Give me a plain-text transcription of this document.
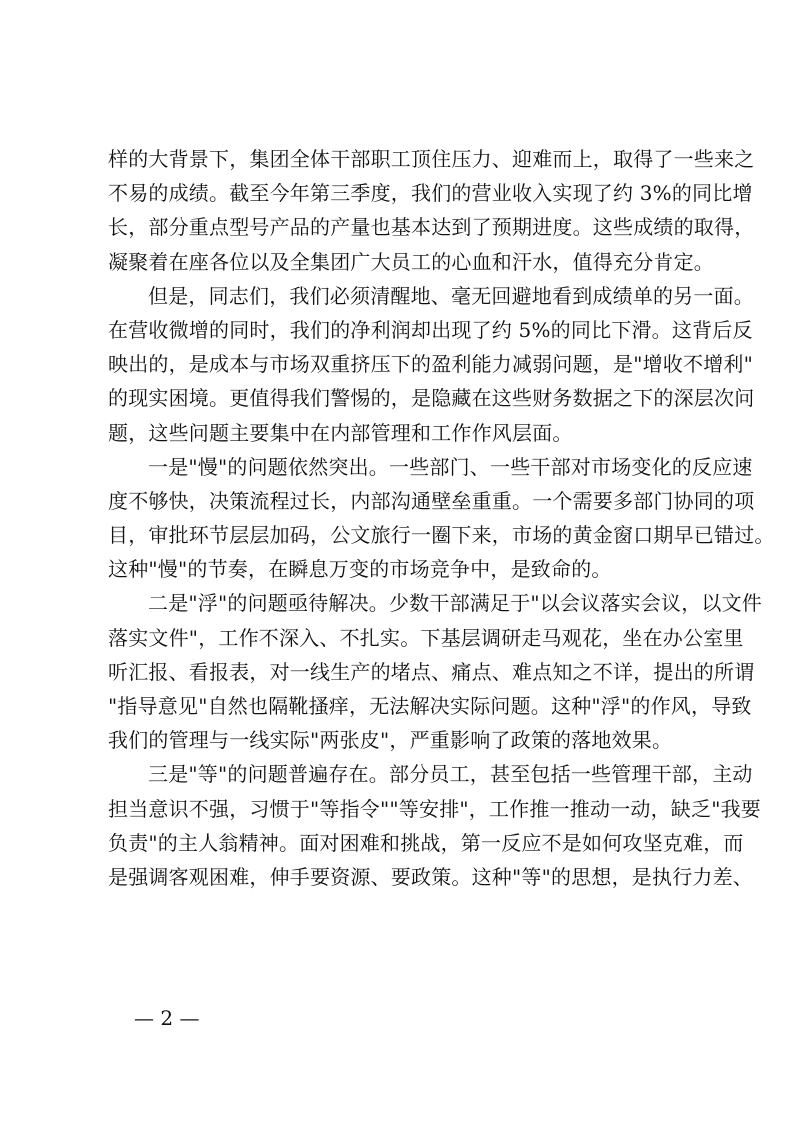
样的大背景下，集团全体干部职工顶住压力、迎难而上，取得了一些来之
不易的成绩。截至今年第三季度，我们的营业收入实现了约 3%的同比增
长，部分重点型号产品的产量也基本达到了预期进度。这些成绩的取得，
凝聚着在座各位以及全集团广大员工的心血和汗水，值得充分肯定。
但是，同志们，我们必须清醒地、毫无回避地看到成绩单的另一面。
在营收微增的同时，我们的净利润却出现了约 5%的同比下滑。这背后反
映出的，是成本与市场双重挤压下的盈利能力减弱问题，是"增收不增利"
的现实困境。更值得我们警惕的，是隐藏在这些财务数据之下的深层次问
题，这些问题主要集中在内部管理和工作作风层面。
一是"慢"的问题依然突出。一些部门、一些干部对市场变化的反应速
度不够快，决策流程过长，内部沟通壁垒重重。一个需要多部门协同的项
目，审批环节层层加码，公文旅行一圈下来，市场的黄金窗口期早已错过。
这种"慢"的节奏，在瞬息万变的市场竞争中，是致命的。
二是"浮"的问题亟待解决。少数干部满足于"以会议落实会议，以文件
落实文件"，工作不深入、不扎实。下基层调研走马观花，坐在办公室里
听汇报、看报表，对一线生产的堵点、痛点、难点知之不详，提出的所谓
"指导意见"自然也隔靴搔痒，无法解决实际问题。这种"浮"的作风，导致
我们的管理与一线实际"两张皮"，严重影响了政策的落地效果。
三是"等"的问题普遍存在。部分员工，甚至包括一些管理干部，主动
担当意识不强，习惯于"等指令""等安排"，工作推一推动一动，缺乏"我要
负责"的主人翁精神。面对困难和挑战，第一反应不是如何攻坚克难，而
是强调客观困难，伸手要资源、要政策。这种"等"的思想，是执行力差、
— 2 —
